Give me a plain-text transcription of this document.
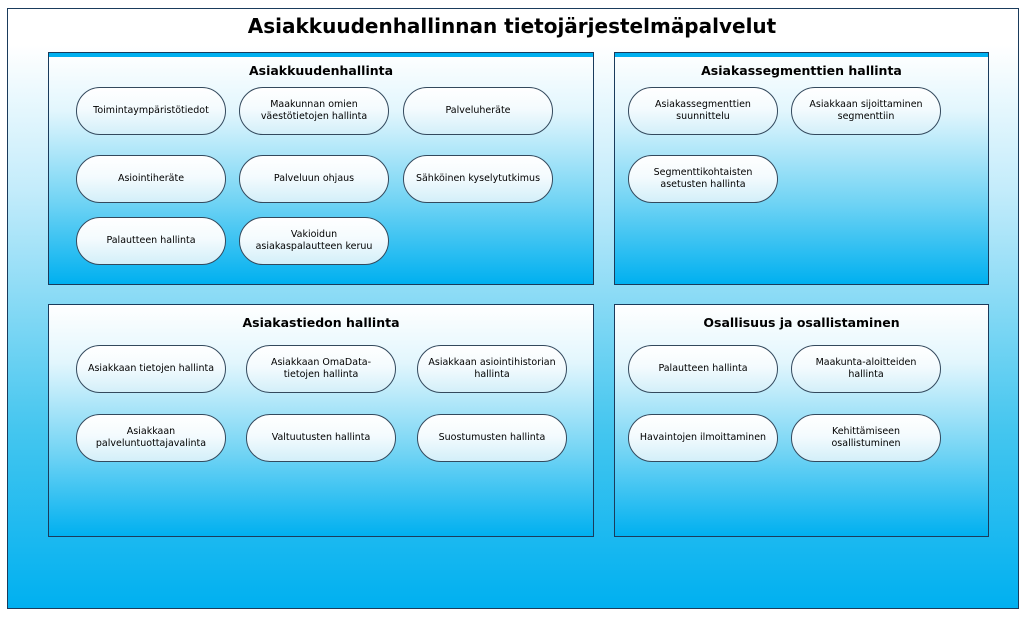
Asiakkuudenhallinnan tietojärjestelmäpalvelut
Asiakkuudenhallinta
Toimintaympäristötiedot
Maakunnan omien väestötietojen hallinta
Palveluheräte
Asiointiheräte	Palveluun ohjaus	Sähköinen kyselytutkimus
Palautteen hallinta
Vakioidun asiakaspalautteen keruu
Asiakassegmenttien hallinta
Asiakassegmenttien suunnittelu
Asiakkaan sijoittaminen segmenttiin
Segmenttikohtaisten asetusten hallinta
Asiakastiedon hallinta
Asiakkaan tietojen hallinta
Asiakkaan OmaData-tietojen hallinta
Asiakkaan asiointihistorian hallinta
Asiakkaan palveluntuottajavalinta
Valtuutusten hallinta	Suostumusten hallinta
Osallisuus ja osallistaminen
Palautteen hallinta
Maakunta-aloitteiden hallinta
Havaintojen ilmoittaminen
Kehittämiseen osallistuminen
